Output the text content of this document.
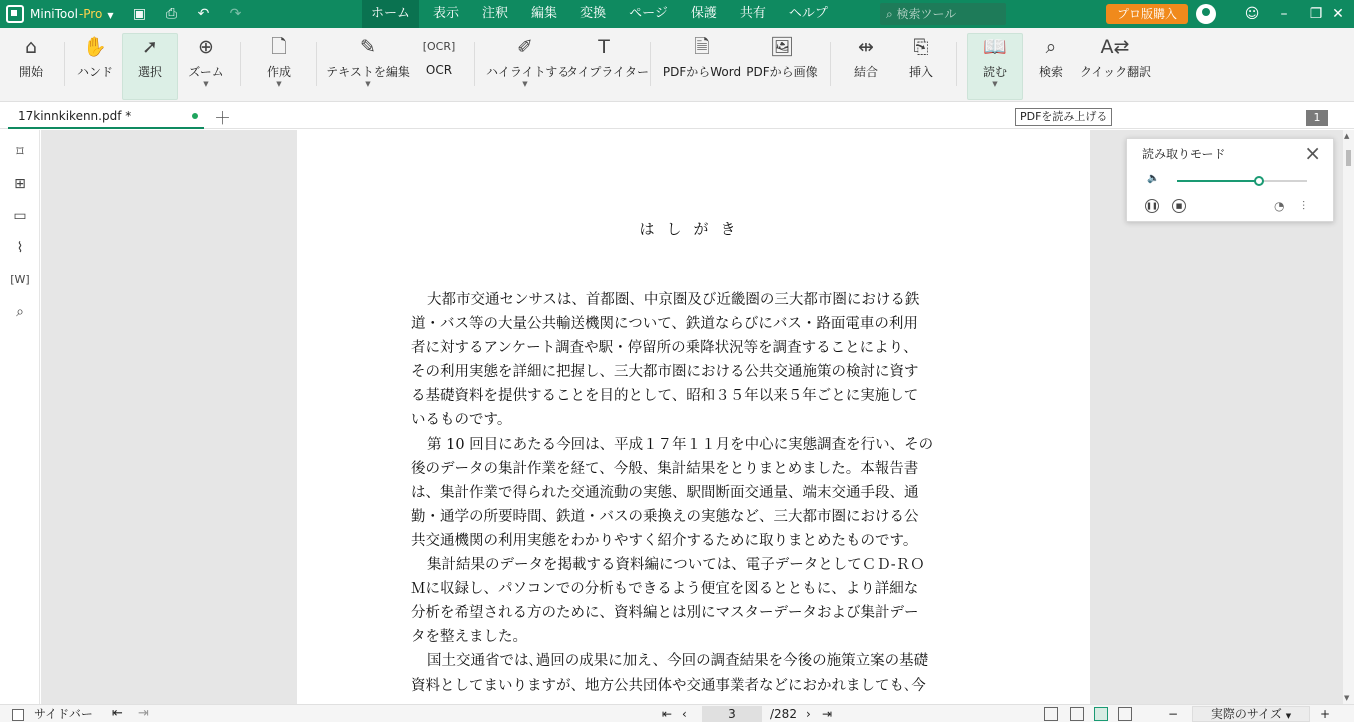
MiniTool-Pro ▼	▣	⎙	↶	↷	ホーム	表示	注釈	編集	変換	ページ	保護	共有	ヘルプ	⌕ 検索ツール	プロ版購入	☺	–	❐ ✕
⌂
開始
✋
ハンド
➚
選択
⊕
ズーム
▼
🗋
作成
▼
✎
テキストを編集
▼
[OCR]
OCR
✐
ハイライトする
▼
T
タイプライター
🗎
PDFからWord
🖼
PDFから画像
⇹
結合
⎘
挿入
📖
読む
▼
⌕
検索
A⇄
クイック翻訳
17kinnkikenn.pdf *	＋	1
PDFを読み上げる
⌑
⊞
▭
⌇
[W]
⌕
はしがき

大都市交通センサスは、首都圏、中京圏及び近畿圏の三大都市圏における鉄
道・バス等の大量公共輸送機関について、鉄道ならびにバス・路面電車の利用
者に対するアンケート調査や駅・停留所の乗降状況等を調査することにより、
その利用実態を詳細に把握し、三大都市圏における公共交通施策の検討に資す
る基礎資料を提供することを目的として、昭和３５年以来５年ごとに実施して
いるものです。

第 10 回目にあたる今回は、平成１７年１１月を中心に実態調査を行い、その
後のデータの集計作業を経て、今般、集計結果をとりまとめました。本報告書
は、集計作業で得られた交通流動の実態、駅間断面交通量、端末交通手段、通
勤・通学の所要時間、鉄道・バスの乗換えの実態など、三大都市圏における公
共交通機関の利用実態をわかりやすく紹介するために取りまとめたものです。

集計結果のデータを掲載する資料編については、電子データとしてＣＤ-ＲＯ
Ｍに収録し、パソコンでの分析もできるよう便宜を図るとともに、より詳細な
分析を希望される方のために、資料編とは別にマスターデータおよび集計デー
タを整えました。

国土交通省では､過回の成果に加え、今回の調査結果を今後の施策立案の基礎
資料としてまいりますが、地方公共団体や交通事業者などにおかれましても､今

▲
▼
読み取りモード	×
🔈
❚❚	■	◔ ⫶
サイドバー ⇤ ⇥	⇤ ‹	3	/282 › ⇥	−	実際のサイズ ▼	+
